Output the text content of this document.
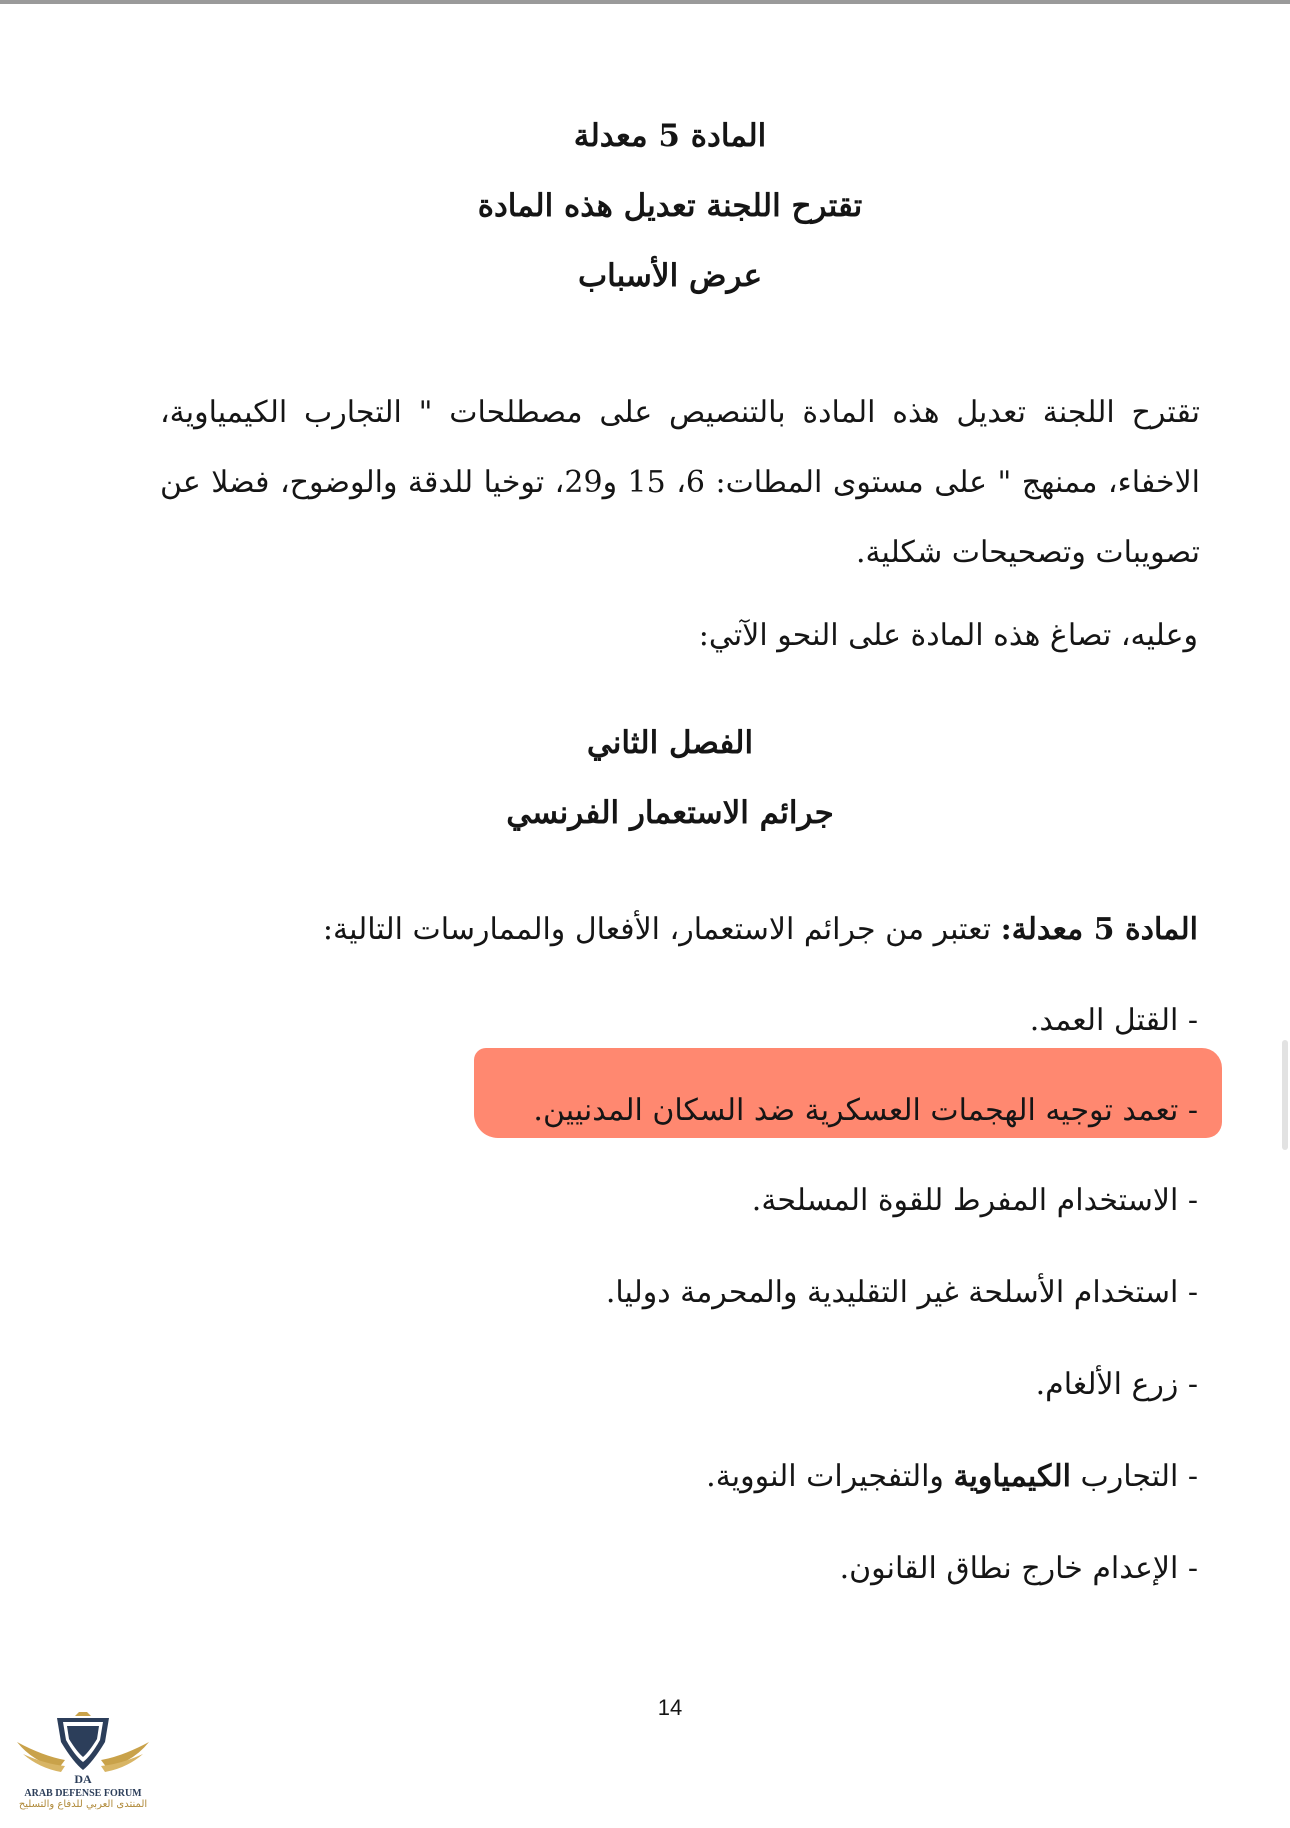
المادة 5 معدلة
تقترح اللجنة تعديل هذه المادة
عرض الأسباب
تقترح اللجنة تعديل هذه المادة بالتنصيص على مصطلحات " التجارب الكيمياوية، الاخفاء، ممنهج " على مستوى المطات: 6، 15 و29، توخيا للدقة والوضوح، فضلا عن تصويبات وتصحيحات شكلية.
وعليه، تصاغ هذه المادة على النحو الآتي:
الفصل الثاني
جرائم الاستعمار الفرنسي
المادة 5 معدلة: تعتبر من جرائم الاستعمار، الأفعال والممارسات التالية:
- القتل العمد.
- تعمد توجيه الهجمات العسكرية ضد السكان المدنيين.
- الاستخدام المفرط للقوة المسلحة.
- استخدام الأسلحة غير التقليدية والمحرمة دوليا.
- زرع الألغام.
- التجارب الكيمياوية والتفجيرات النووية.
- الإعدام خارج نطاق القانون.
14
DA
ARAB DEFENSE FORUM
المنتدى العربي للدفاع والتسليح
